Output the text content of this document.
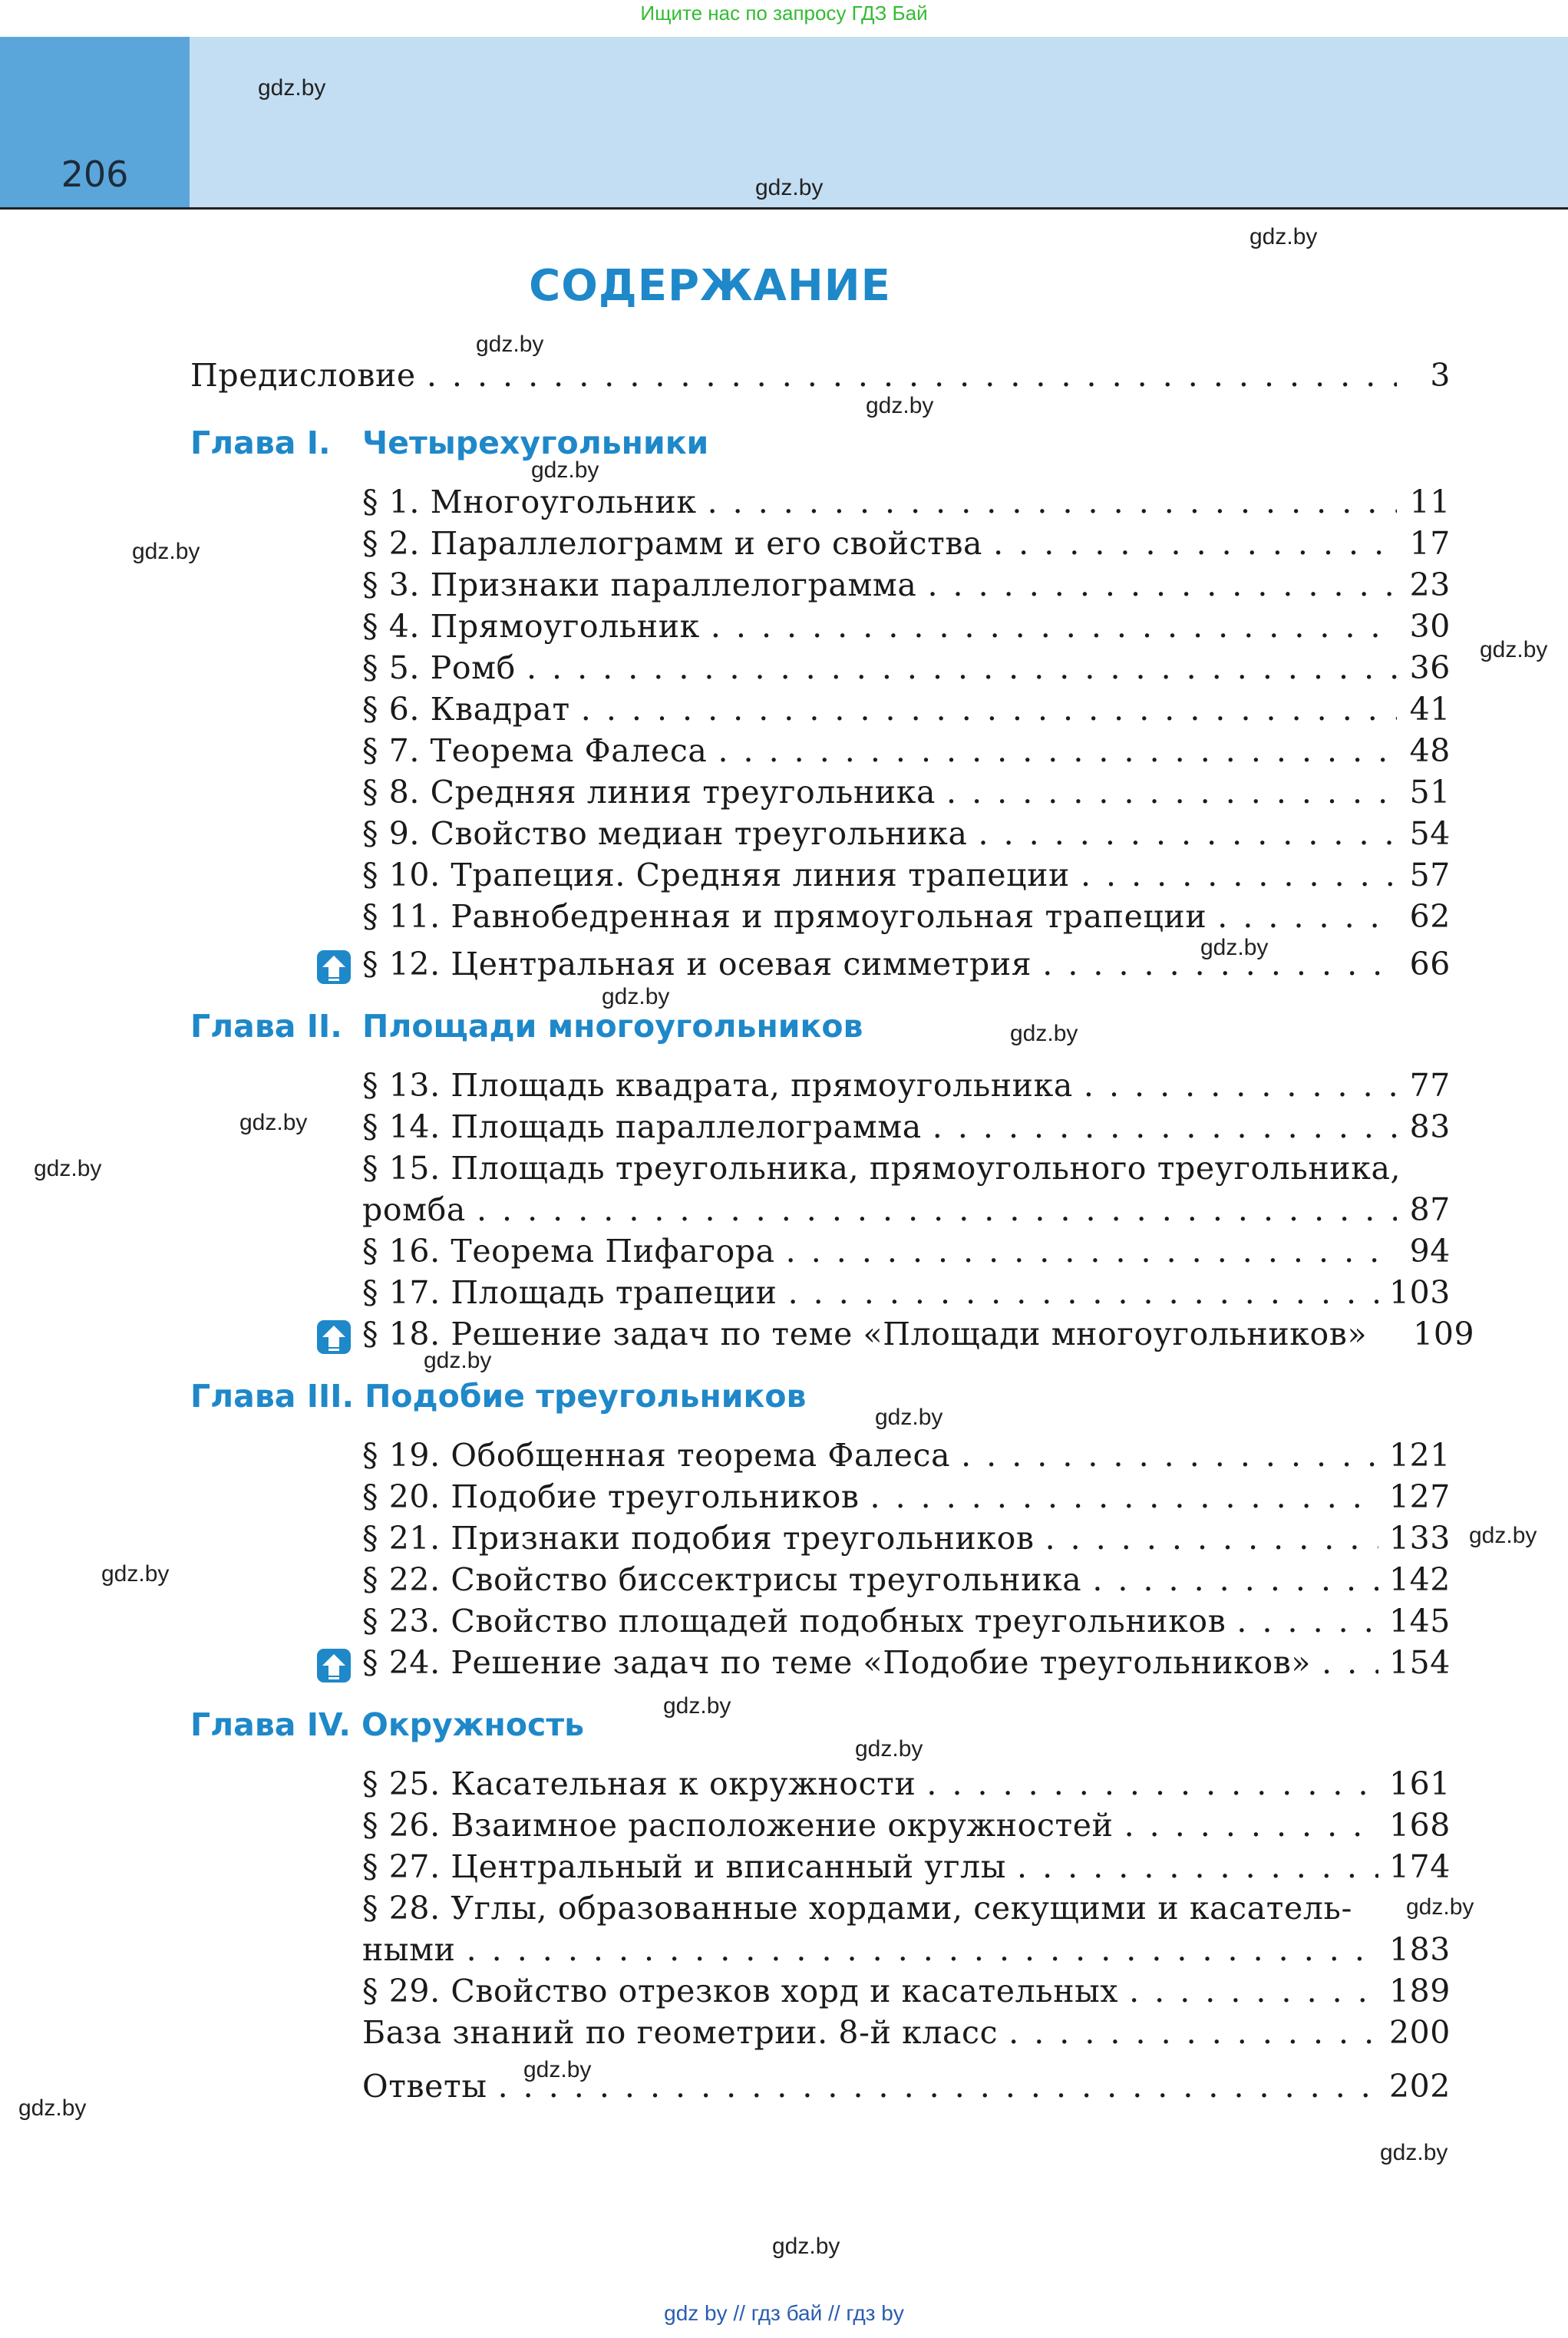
Ищите нас по запросу ГДЗ Бай
206
СОДЕРЖАНИЕ
Предисловие . . .	3
Глава I. Четырехугольники
§ 1. Многоугольник . . .	11
§ 2. Параллелограмм и его свойства . . .	17
§ 3. Признаки параллелограмма . . .	23
§ 4. Прямоугольник . . .	30
§ 5. Ромб . . .	36
§ 6. Квадрат . . .	41
§ 7. Теорема Фалеса . . .	48
§ 8. Средняя линия треугольника . . .	51
§ 9. Свойство медиан треугольника . . .	54
§ 10. Трапеция. Средняя линия трапеции . . .	57
§ 11. Равнобедренная и прямоугольная трапеции . . .	62
§ 12. Центральная и осевая симметрия . . .	66
Глава II. Площади многоугольников
§ 13. Площадь квадрата, прямоугольника . . .	77
§ 14. Площадь параллелограмма . . .	83
§ 15. Площадь треугольника, прямоугольного треугольника,
ромба . . .	87
§ 16. Теорема Пифагора . . .	94
§ 17. Площадь трапеции . . .	103
§ 18. Решение задач по теме «Площади многоугольников» 109
Глава III. Подобие треугольников
§ 19. Обобщенная теорема Фалеса . . .	121
§ 20. Подобие треугольников . . .	127
§ 21. Признаки подобия треугольников . . .	133
§ 22. Свойство биссектрисы треугольника . . .	142
§ 23. Свойство площадей подобных треугольников . . .	145
§ 24. Решение задач по теме «Подобие треугольников» . . . 154
Глава IV. Окружность
§ 25. Касательная к окружности . . .	161
§ 26. Взаимное расположение окружностей . . .	168
§ 27. Центральный и вписанный углы . . .	174
§ 28. Углы, образованные хордами, секущими и касатель-
ными . . .	183
§ 29. Свойство отрезков хорд и касательных . . .	189
База знаний по геометрии. 8-й класс . . .	200
Ответы . . .	202
gdz.by
gdz.by
gdz.by
gdz.by
gdz.by
gdz.by
gdz.by
gdz.by
gdz.by
gdz.by
gdz.by
gdz.by
gdz.by
gdz.by
gdz.by
gdz.by
gdz.by
gdz.by
gdz.by
gdz.by
gdz.by
gdz.by
gdz.by
gdz.by
gdz by // гдз бай // гдз by
